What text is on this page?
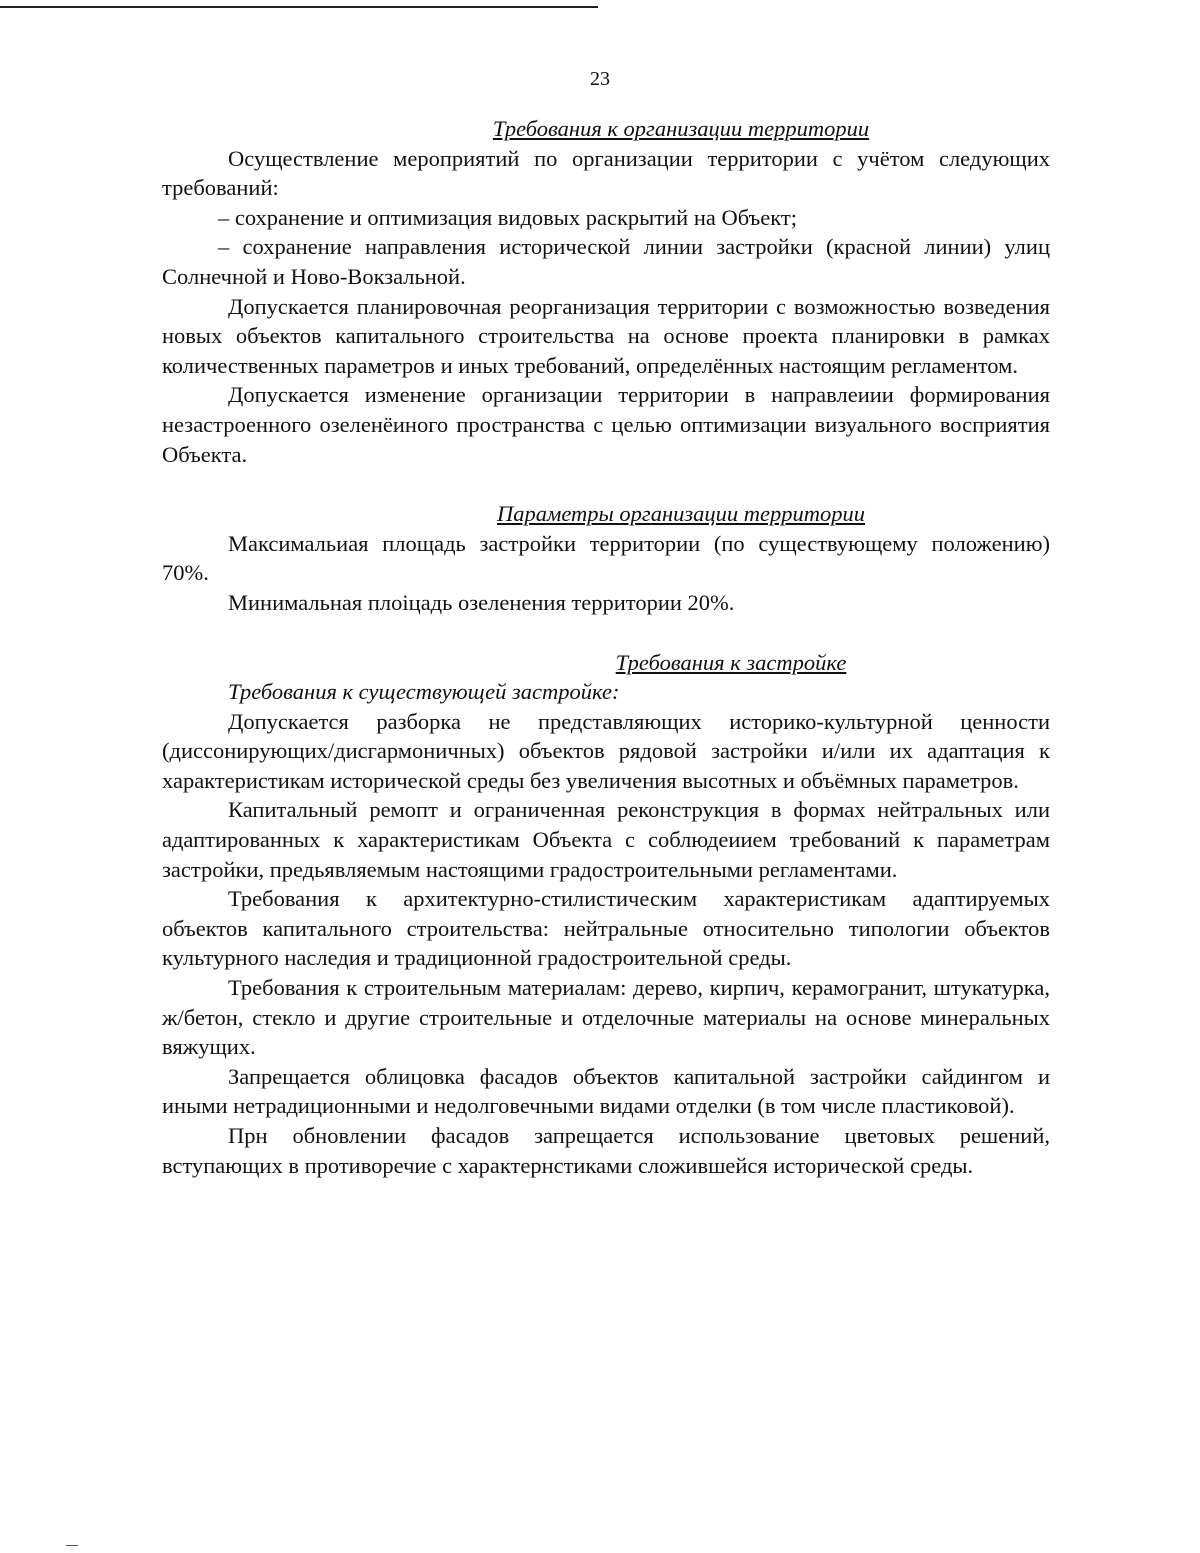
23

Требования к организации территории

Осуществление мероприятий по организации территории с учётом следующих требований:

– сохранение и оптимизация видовых раскрытий на Объект;

– сохранение направления исторической линии застройки (красной линии) улиц Солнечной и Ново-Вокзальной.

Допускается планировочная реорганизация территории с возможностью возведения новых объектов капитального строительства на основе проекта планировки в рамках количественных параметров и иных требований, определённых настоящим регламентом.

Допускается изменение организации территории в направлеиии формирования незастроенного озеленёиного пространства с целью оптимизации визуального восприятия Объекта.

Параметры организации территории

Максимальиая площадь застройки территории (по существующему положению) 70%.

Минимальная плоіцадь озеленения территории 20%.

Требования к застройке

Требования к существующей застройке:

Допускается разборка не представляющих историко-культурной ценности (диссонирующих/дисгармоничных) объектов рядовой застройки и/или их адаптация к характеристикам исторической среды без увеличения высотных и объёмных параметров.

Капитальный ремопт и ограниченная реконструкция в формах нейтральных или адаптированных к характеристикам Объекта с соблюдеиием требований к параметрам застройки, предьявляемым настоящими градостроительными регламентами.

Требования к архитектурно-стилистическим характеристикам адаптируемых объектов капитального строительства: нейтральные относительно типологии объектов культурного наследия и традиционной градостроительной среды.

Требования к строительным материалам: дерево, кирпич, керамогранит, штукатурка, ж/бетон, стекло и другие строительные и отделочные материалы на основе минеральных вяжущих.

Запрещается облицовка фасадов объектов капитальной застройки сайдингом и иными нетрадиционными и недолговечными видами отделки (в том числе пластиковой).

Прн обновлении фасадов запрещается использование цветовых решений, вступающих в противоречие с характернстиками сложившейся исторической среды.
